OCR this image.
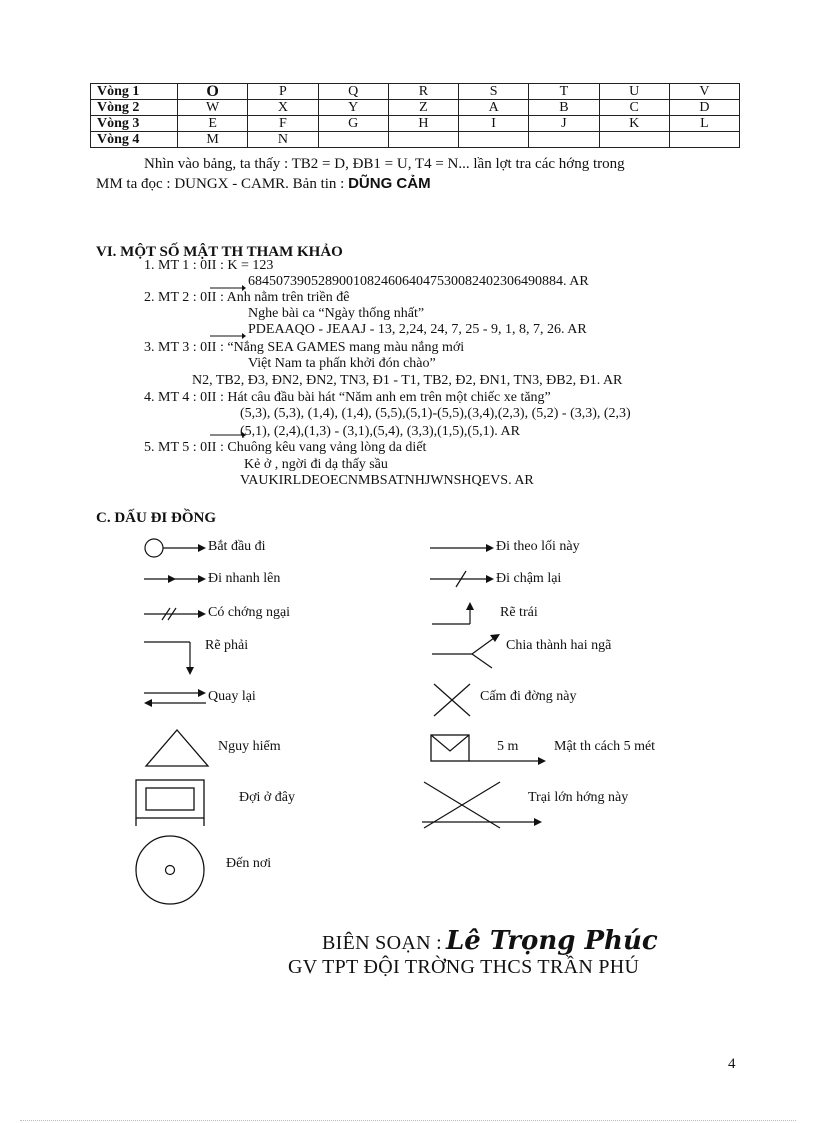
Vòng 1	O	P	Q	R	S	T	U	V
Vòng 2	W	X	Y	Z	A	B	C	D
Vòng 3	E	F	G	H	I	J	K	L
Vòng 4	M	N						
Nhìn vào bảng, ta thấy : TB2 = D, ĐB1 = U, T4 = N... lần lợt tra các hớng trong
MM ta đọc : DUNGX - CAMR. Bản tin : DŨNG CẢM
VI. MỘT SỐ MẬT TH THAM KHẢO
1. MT 1 : 0II : K = 123
684507390528900108246064047530082402306490884. AR
2. MT 2 : 0II : Anh nằm trên triền đê
Nghe bài ca “Ngày thống nhất”
PDEAAQO - JEAAJ - 13, 2,24, 24, 7, 25 - 9, 1, 8, 7, 26. AR
3. MT 3 : 0II : “Nắng SEA GAMES mang màu nắng mới
Việt Nam ta phấn khởi đón chào”
N2, TB2, Đ3, ĐN2, ĐN2, TN3, Đ1 - T1, TB2, Đ2, ĐN1, TN3, ĐB2, Đ1. AR
4. MT 4 : 0II : Hát câu đầu bài hát “Năm anh em trên một chiếc xe tăng”
(5,3), (5,3), (1,4), (1,4), (5,5),(5,1)-(5,5),(3,4),(2,3), (5,2) - (3,3), (2,3)
(5,1), (2,4),(1,3) - (3,1),(5,4), (3,3),(1,5),(5,1). AR
5. MT 5 : 0II : Chuông kêu vang vảng lòng da diết
Kẻ ở , ngời đi dạ thấy sầu
VAUKIRLDEOECNMBSATNHJWNSHQEVS. AR
C. DẤU ĐI ĐỒNG
Bắt đầu đi	Đi theo lối này
Đi nhanh lên	Đi chậm lại
Có chớng ngại	Rẽ trái
Rẽ phải	Chia thành hai ngã
Quay lại	Cấm đi đờng này
Nguy hiểm	5 m	Mật th cách 5 mét
Đợi ở đây	Trại lớn hớng này
Đến nơi
BIÊN SOẠN : Lê Trọng Phúc
GV TPT ĐỘI TRỜNG THCS TRẦN PHÚ
4
